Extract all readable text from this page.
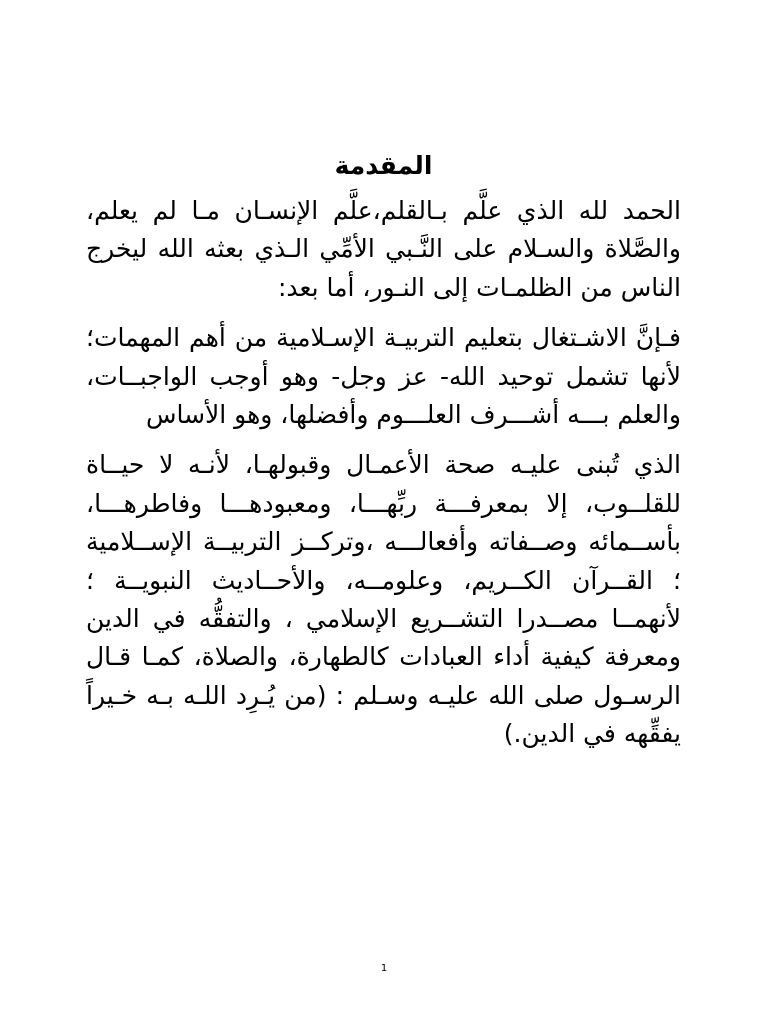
المقدمة

الحمد لله الذي علَّم بـالقلم،علَّم الإنسـان مـا لم يعلم، والصَّلاة والسـلام على النَّـبي الأمِّي الـذي بعثه الله ليخرج الناس من الظلمـات إلى النـور، أما بعد:

فـإنَّ الاشـتغال بتعليم التربيـة الإسـلامية من أهم المهمات؛ لأنها تشمل توحيد الله- عز وجل- وهو أوجب الواجبــات، والعلم بـــه أشـــرف العلـــوم وأفضلها، وهو الأساس

الذي تُبنى عليـه صحة الأعمـال وقبولهـا، لأنـه لا حيــاة للقلــوب، إلا بمعرفـــة ربِّهـــا، ومعبودهـــا وفاطرهـــا، بأســمائه وصــفاته وأفعالـــه ،وتركــز التربيــة الإســلامية ؛ القــرآن الكــريم، وعلومــه، والأحــاديث النبويــة ؛ لأنهمــا مصــدرا التشــريع الإسلامي ، والتفقُّه في الدين ومعرفة كيفية أداء العبادات كالطهارة، والصلاة، كمـا قـال الرسـول صلى الله عليـه وسـلم : (من يُـرِد اللـه بـه خـيراً يفقِّهه في الدين.)

1
